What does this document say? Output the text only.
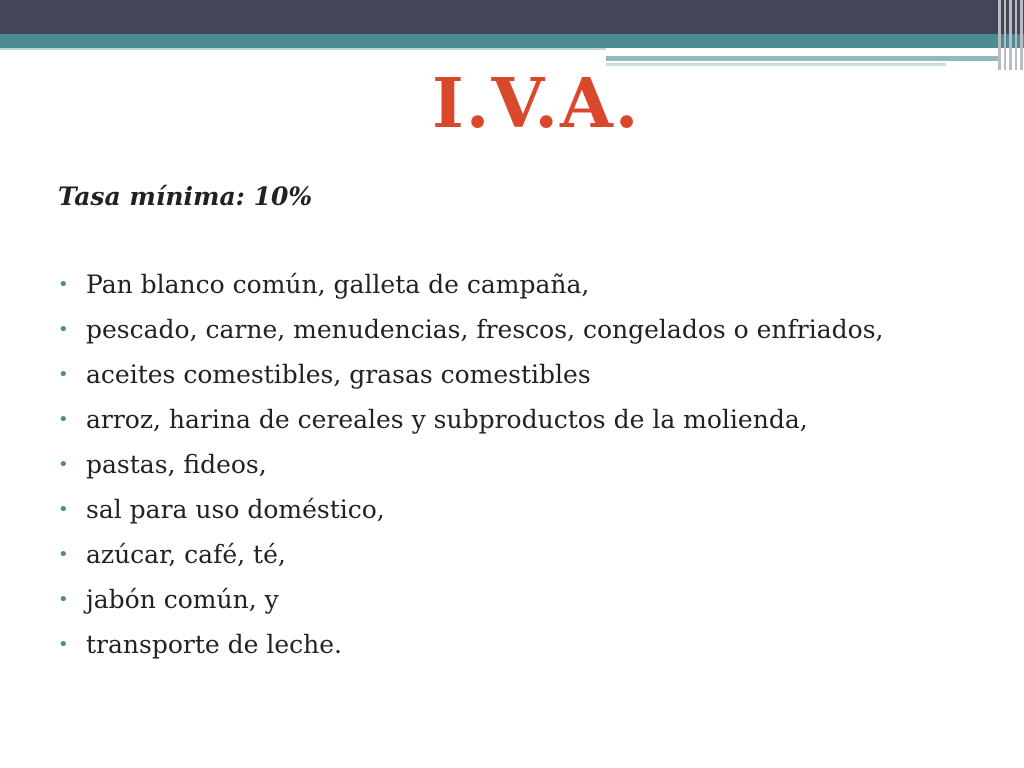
I.V.A.
Tasa mínima: 10%
• Pan blanco común, galleta de campaña,
• pescado, carne, menudencias, frescos, congelados o enfriados,
• aceites comestibles, grasas comestibles
• arroz, harina de cereales y subproductos de la molienda,
• pastas, fideos,
• sal para uso doméstico,
• azúcar, café, té,
• jabón común, y
• transporte de leche.
